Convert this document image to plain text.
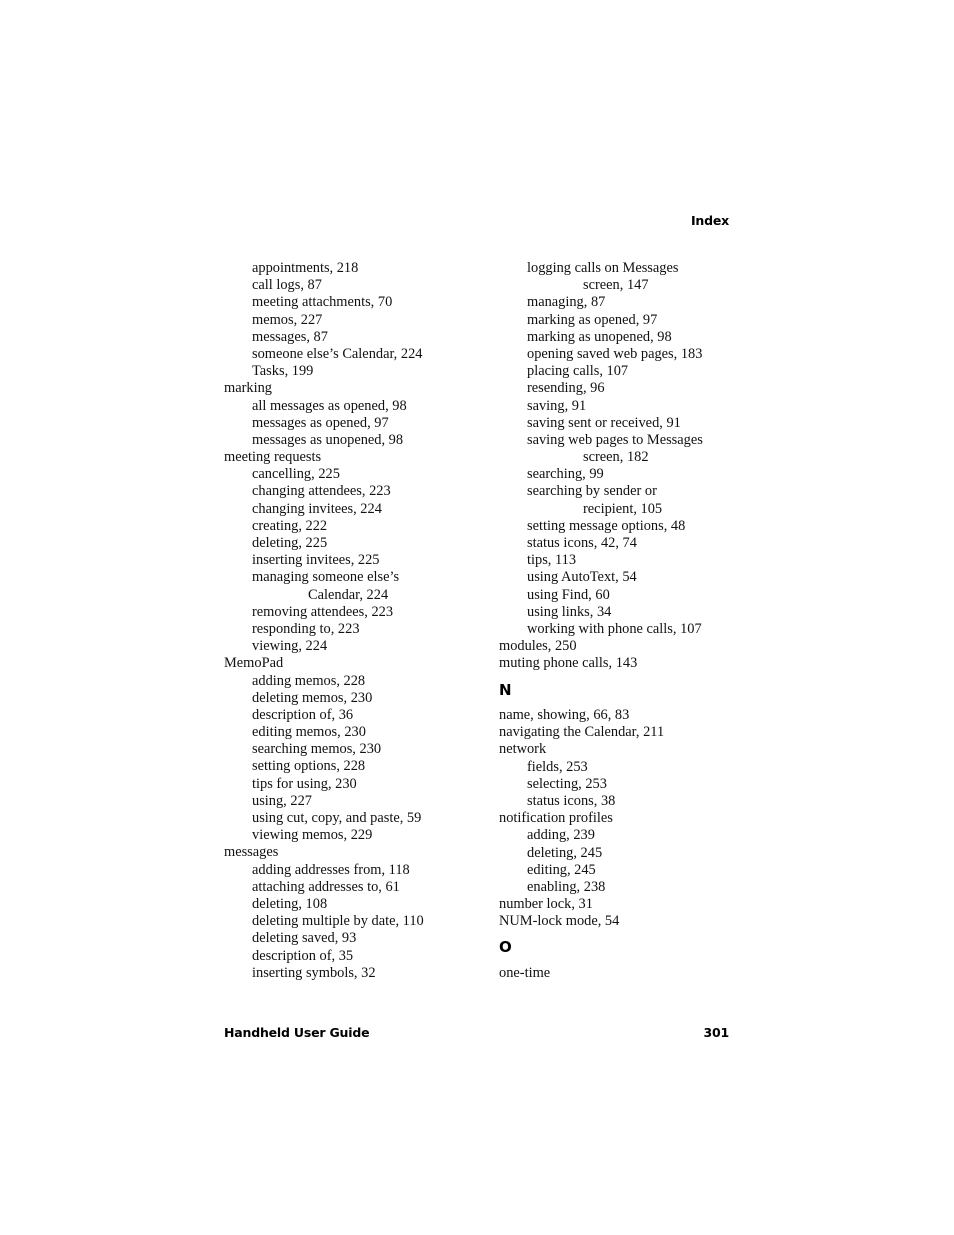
Index
appointments, 218
call logs, 87
meeting attachments, 70
memos, 227
messages, 87
someone else’s Calendar, 224
Tasks, 199
marking
all messages as opened, 98
messages as opened, 97
messages as unopened, 98
meeting requests
cancelling, 225
changing attendees, 223
changing invitees, 224
creating, 222
deleting, 225
inserting invitees, 225
managing someone else’s
Calendar, 224
removing attendees, 223
responding to, 223
viewing, 224
MemoPad
adding memos, 228
deleting memos, 230
description of, 36
editing memos, 230
searching memos, 230
setting options, 228
tips for using, 230
using, 227
using cut, copy, and paste, 59
viewing memos, 229
messages
adding addresses from, 118
attaching addresses to, 61
deleting, 108
deleting multiple by date, 110
deleting saved, 93
description of, 35
inserting symbols, 32
logging calls on Messages
screen, 147
managing, 87
marking as opened, 97
marking as unopened, 98
opening saved web pages, 183
placing calls, 107
resending, 96
saving, 91
saving sent or received, 91
saving web pages to Messages
screen, 182
searching, 99
searching by sender or
recipient, 105
setting message options, 48
status icons, 42, 74
tips, 113
using AutoText, 54
using Find, 60
using links, 34
working with phone calls, 107
modules, 250
muting phone calls, 143
N
name, showing, 66, 83
navigating the Calendar, 211
network
fields, 253
selecting, 253
status icons, 38
notification profiles
adding, 239
deleting, 245
editing, 245
enabling, 238
number lock, 31
NUM-lock mode, 54
O
one-time
Handheld User Guide	301
